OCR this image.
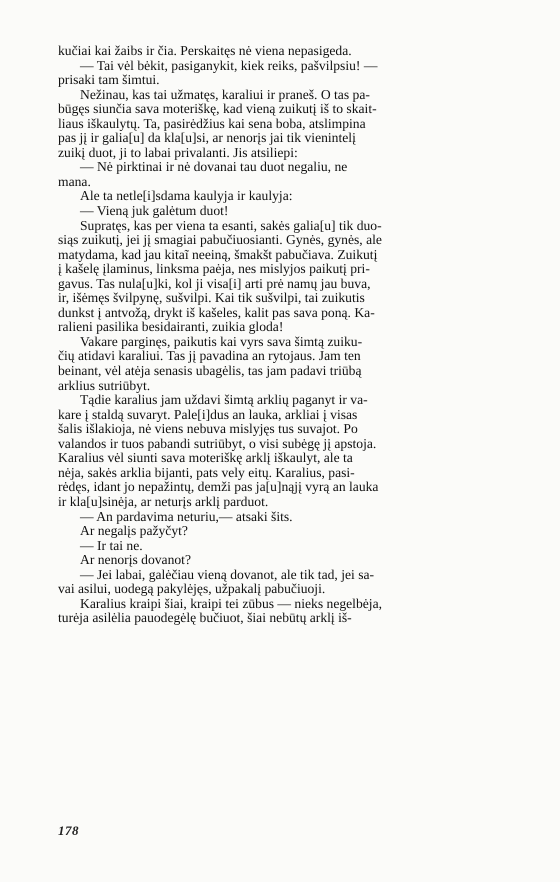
kučiai kai žaibs ir čia. Perskaitęs nė viena nepasigeda.
— Tai vėl bėkit, pasiganykit, kiek reiks, pašvilpsiu! —
prisaki tam šimtui.
Nežinau, kas tai užmatęs, karaliui ir praneš. O tas pa-
būgęs siunčia sava moteriškę, kad vieną zuikutį iš to skait-
liaus iškaulytų. Ta, pasirėdžius kai sena boba, atslimpina
pas jį ir galia[u] da kla[u]si, ar nenorįs jai tik vienintelį
zuikį duot, ji to labai privalanti. Jis atsiliepi:
— Nė pirktinai ir nė dovanai tau duot negaliu, ne
mana.
Ale ta netle[i]sdama kaulyja ir kaulyja:
— Vieną juk galėtum duot!
Supratęs, kas per viena ta esanti, sakės galia[u] tik duo-
siąs zuikutį, jei jį smagiai pabučiuosianti. Gynės, gynės, ale
matydama, kad jau kitaĩ neeiną, šmakšt pabučiava. Zuikutį
į kašelę įlaminus, linksma paėja, nes mislyjos paikutį pri-
gavus. Tas nula[u]ki, kol ji visa[i] arti prė namų jau buva,
ir, išėmęs švilpynę, sušvilpi. Kai tik sušvilpi, tai zuikutis
dunkst į antvožą, drykt iš kašeles, kalit pas sava poną. Ka-
ralieni pasilika besidairanti, zuikia gloda!
Vakare parginęs, paikutis kai vyrs sava šimtą zuiku-
čių atidavi karaliui. Tas jį pavadina an rytojaus. Jam ten
beinant, vėl atėja senasis ubagėlis, tas jam padavi triūbą
arklius sutriūbyt.
Tądie karalius jam uždavi šimtą arklių paganyt ir va-
kare į staldą suvaryt. Pale[i]dus an lauka, arkliai į visas
šalis išlakioja, nė viens nebuva mislyjęs tus suvajot. Po
valandos ir tuos pabandi sutriūbyt, o visi subėgę jį apstoja.
Karalius vėl siunti sava moteriškę arklį iškaulyt, ale ta
nėja, sakės arklia bijanti, pats vely eitų. Karalius, pasi-
rėdęs, idant jo nepažintų, demži pas ja[u]nąjį vyrą an lauka
ir kla[u]sinėja, ar neturįs arklį parduot.
— An pardavima neturiu,— atsaki šits.
Ar negalįs pažyčyt?
— Ir tai ne.
Ar nenorįs dovanot?
— Jei labai, galėčiau vieną dovanot, ale tik tad, jei sa-
vai asilui, uodegą pakylėjęs, užpakalį pabučiuoji.
Karalius kraipi šiai, kraipi tei zūbus — nieks negelbėja,
turėja asilėlia pauodegėlę bučiuot, šiai nebūtų arklį iš-
178
